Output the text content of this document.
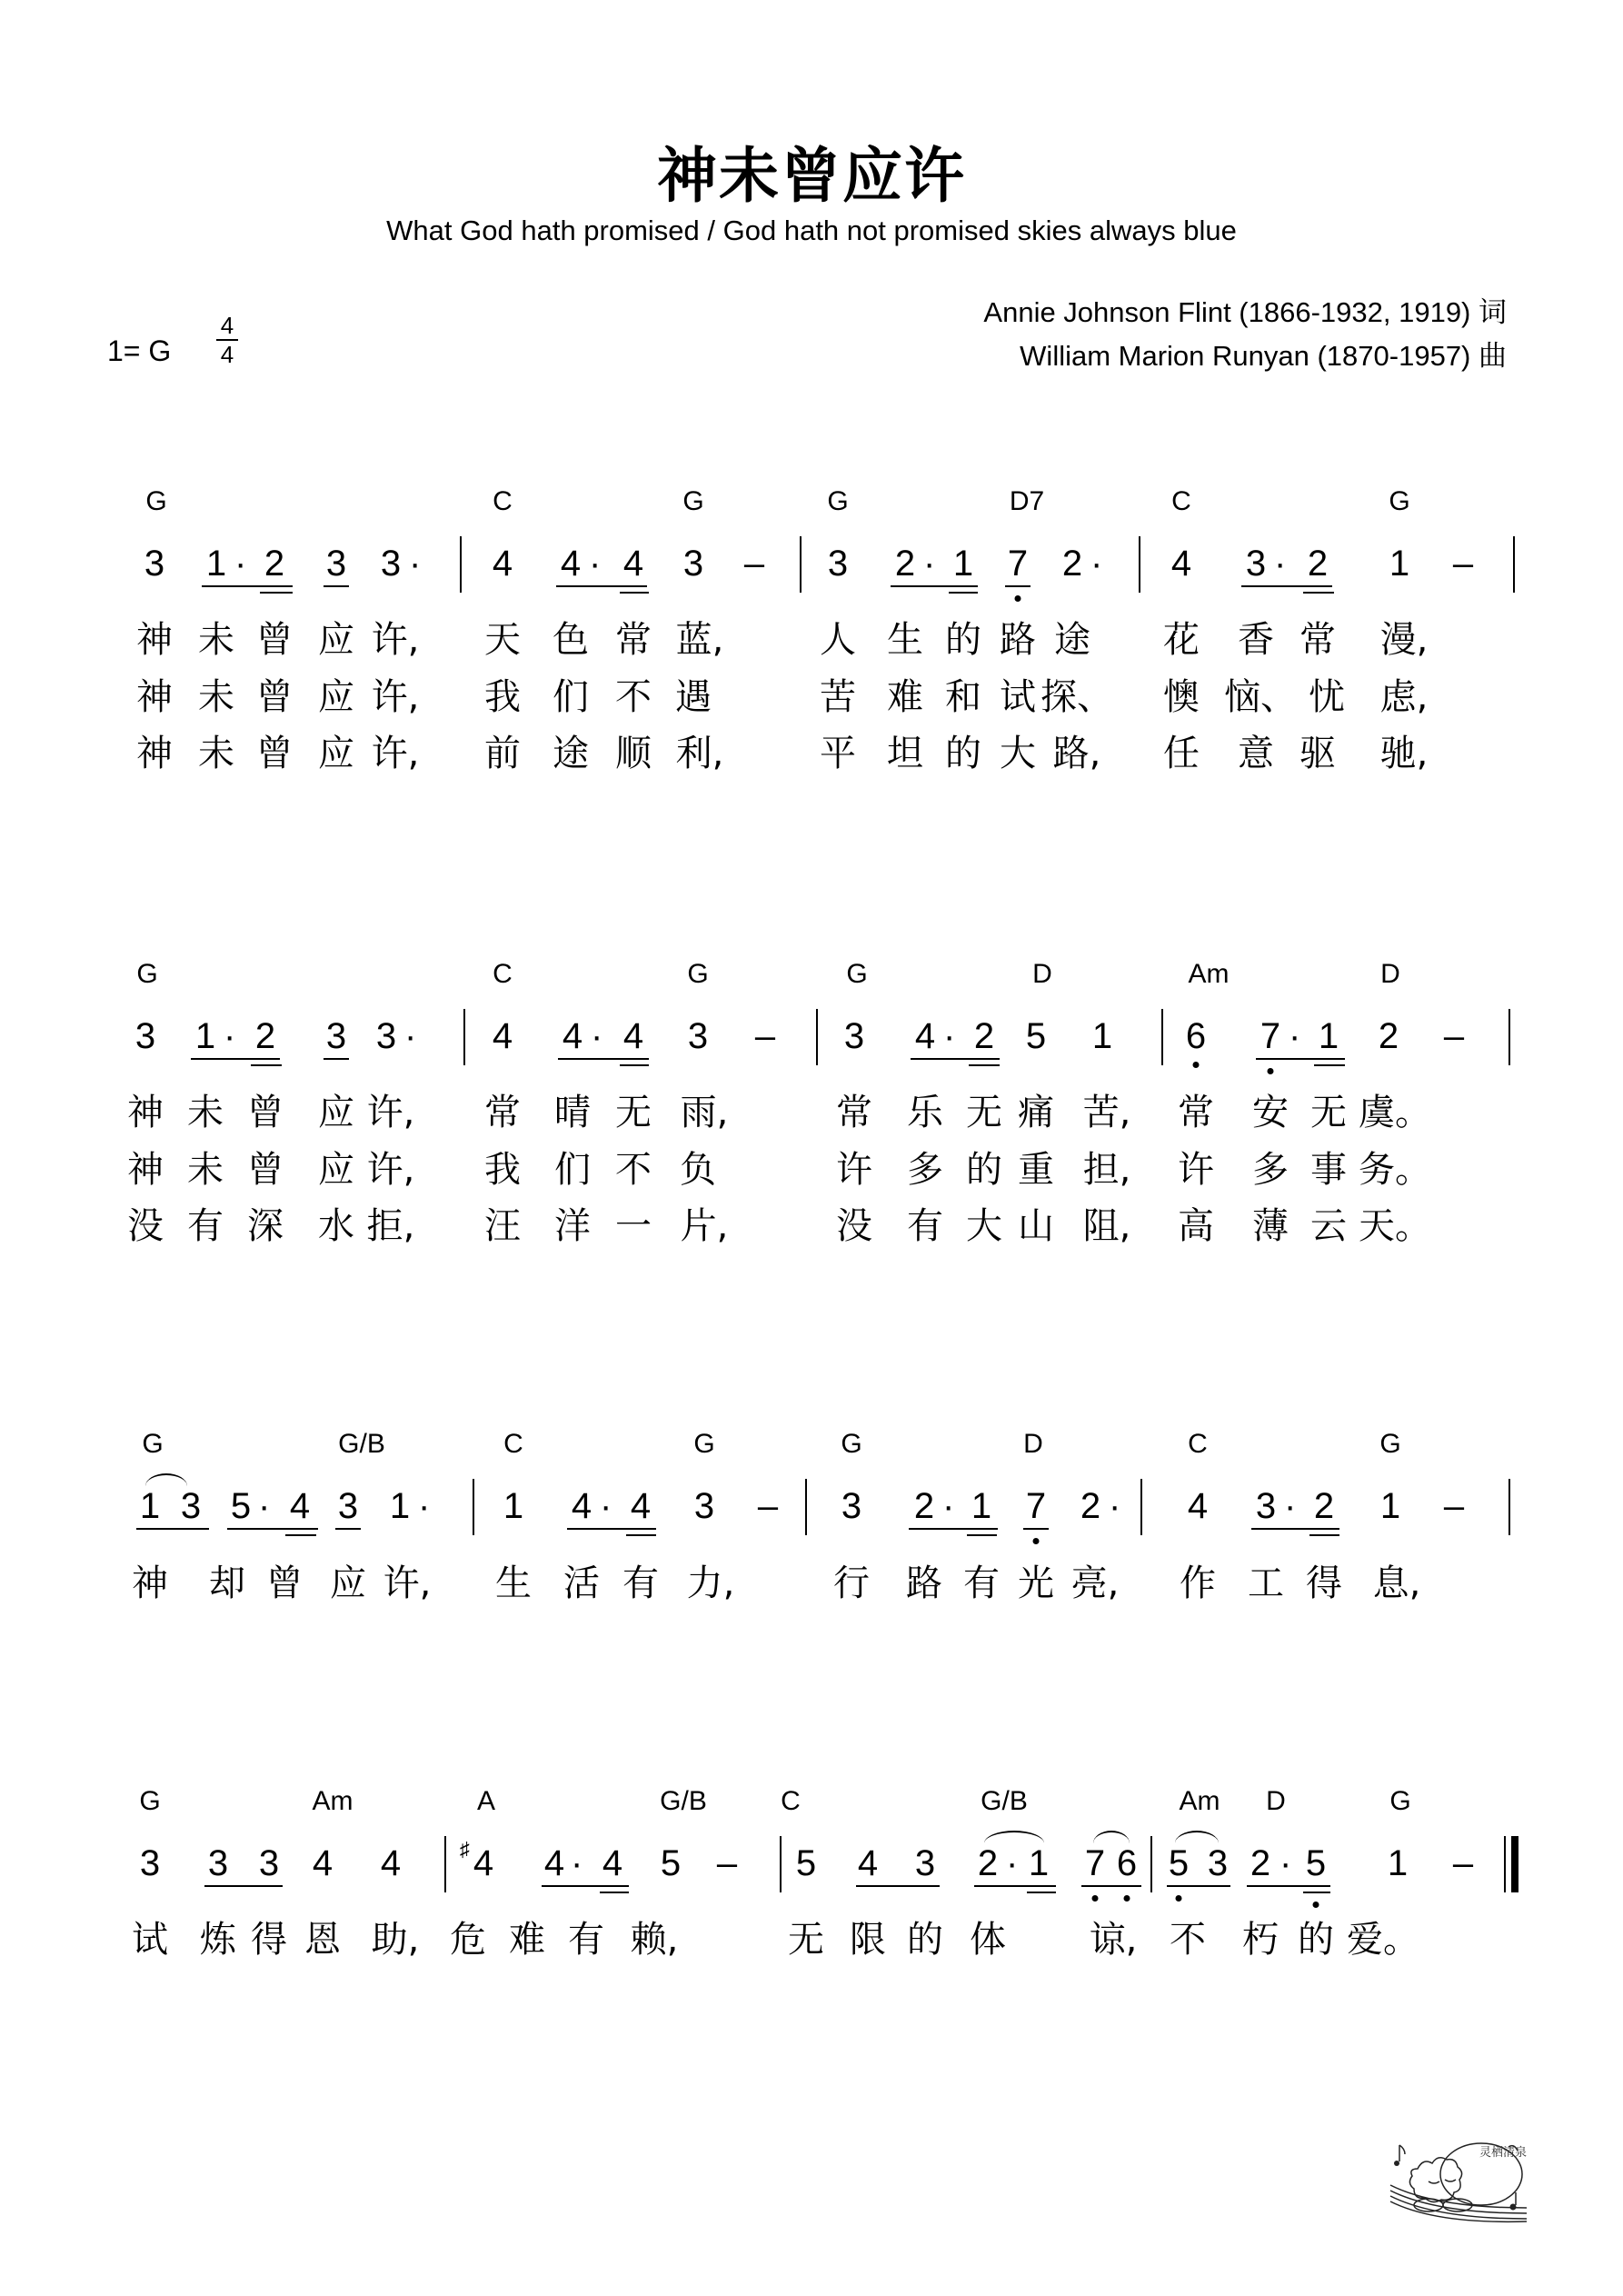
神未曾应许
What God hath promised / God hath not promised skies always blue
Annie Johnson Flint (1866-1932, 1919) 词
William Marion Runyan (1870-1957) 曲
1= G
4
4
G	C	G	G	D7	C	G
3 1 2 3 3	4 4 4 3 – 3 2 1 7 2 4 3 2 1 –
·	·	·	·	·	·
神 未 曾 应 许, 天 色 常 蓝,	人 生 的 路 途 花 香 常 漫,
神 未 曾 应 许, 我 们 不 遇	苦 难 和 试 探、 懊 恼、 忧 虑,
神 未 曾 应 许, 前 途 顺 利,	平 坦 的 大 路, 任 意 驱 驰,
G	C	G	G	D	Am	D
3 1 2 3 3	4 4 4 3 – 3 4 2 5 1 6 7 1 2 –
·	·	·	·	·
神 未 曾 应 许, 常 晴 无 雨,	常 乐 无 痛 苦, 常 安 无 虞。
神 未 曾 应 许, 我 们 不 负	许 多 的 重 担, 许 多 事 务。
没 有 深 水 拒, 汪 洋 一 片,	没 有 大 山 阻, 高 薄 云 天。
G	G/B	C	G	G	D	C	G
1 3 5 4 3 1	1 4 4 3 – 3 2 1 7 2 4 3 2 1 –
·	·	·	·	·	·
神 却 曾 应 许, 生 活 有 力,	行 路 有 光 亮, 作 工 得 息,
G	Am	A	G/B	C	G/B	Am D	G
3 3 3 4 4 4 4 4 5 – 5 4 3 2 1 7 6 5 3 2 5 1 –
·	·	·
♯
试 炼 得 恩 助, 危 难 有 赖,	无 限 的 体 谅, 不 朽 的 爱。
灵栖清泉
